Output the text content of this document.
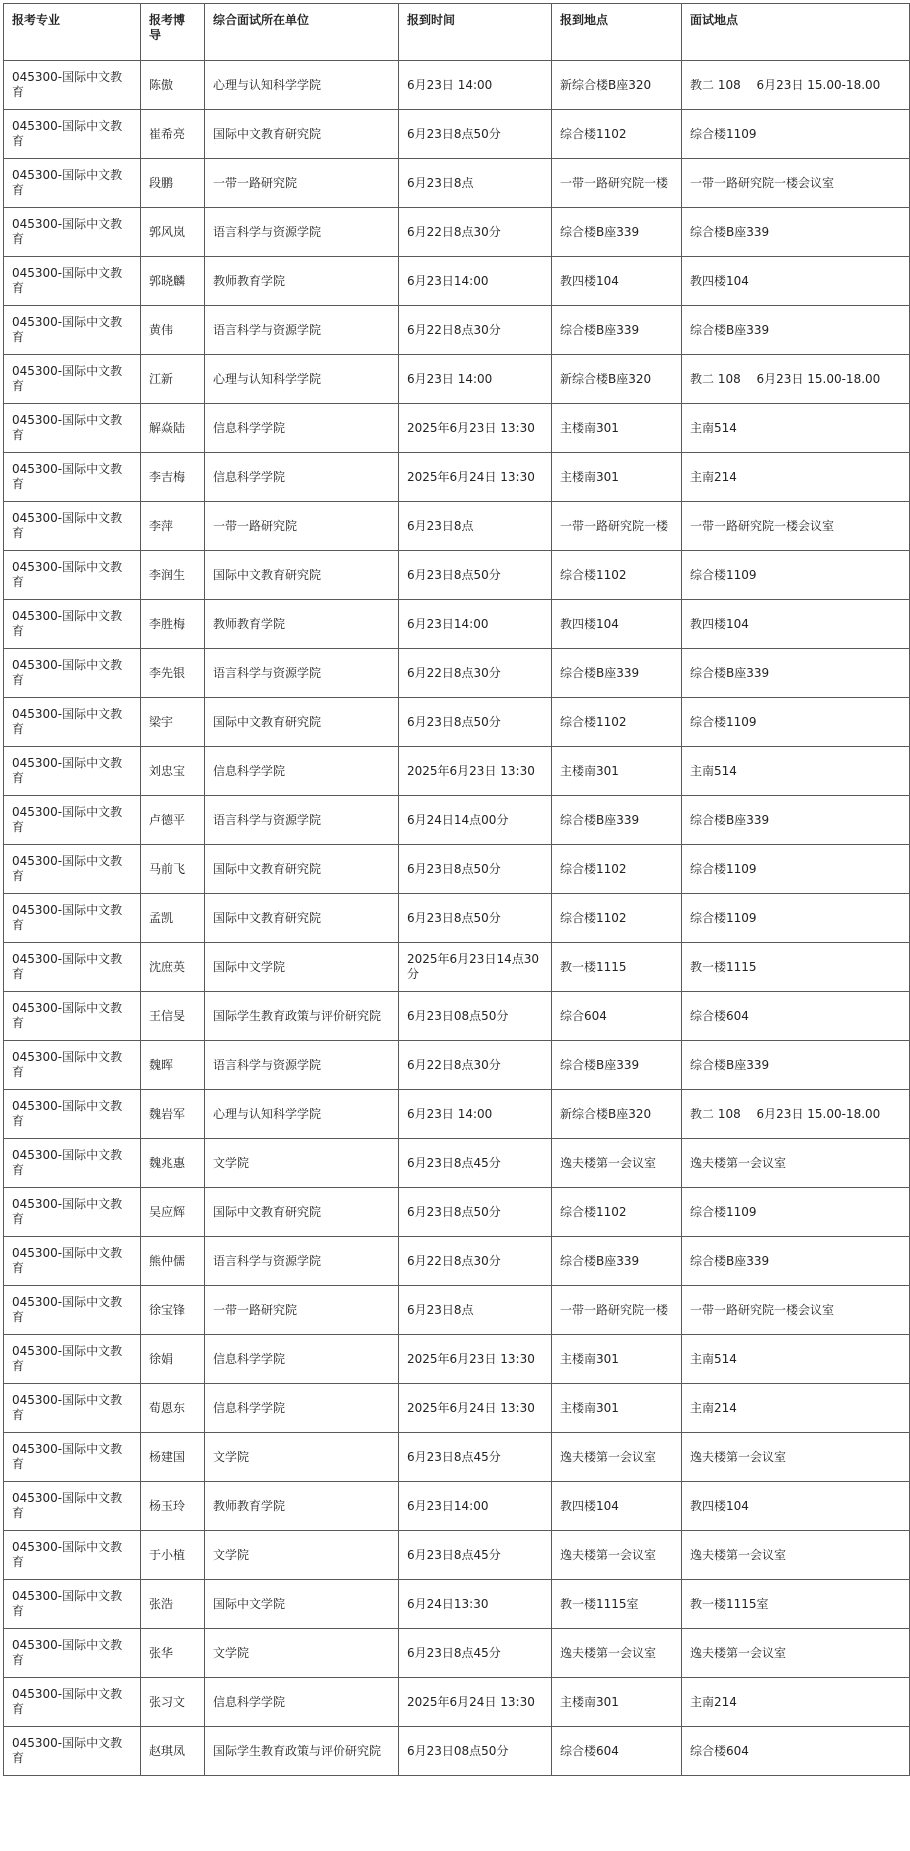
报考专业	报考博导	综合面试所在单位	报到时间	报到地点	面试地点
045300-国际中文教育	陈傲	心理与认知科学学院	6月23日 14:00	新综合楼B座320	教二 108　 6月23日 15.00-18.00
045300-国际中文教育	崔希亮	国际中文教育研究院	6月23日8点50分	综合楼1102	综合楼1109
045300-国际中文教育	段鹏	一带一路研究院	6月23日8点	一带一路研究院一楼	一带一路研究院一楼会议室
045300-国际中文教育	郭风岚	语言科学与资源学院	6月22日8点30分	综合楼B座339	综合楼B座339
045300-国际中文教育	郭晓麟	教师教育学院	6月23日14:00	教四楼104	教四楼104
045300-国际中文教育	黄伟	语言科学与资源学院	6月22日8点30分	综合楼B座339	综合楼B座339
045300-国际中文教育	江新	心理与认知科学学院	6月23日 14:00	新综合楼B座320	教二 108　 6月23日 15.00-18.00
045300-国际中文教育	解焱陆	信息科学学院	2025年6月23日 13:30	主楼南301	主南514
045300-国际中文教育	李吉梅	信息科学学院	2025年6月24日 13:30	主楼南301	主南214
045300-国际中文教育	李萍	一带一路研究院	6月23日8点	一带一路研究院一楼	一带一路研究院一楼会议室
045300-国际中文教育	李润生	国际中文教育研究院	6月23日8点50分	综合楼1102	综合楼1109
045300-国际中文教育	李胜梅	教师教育学院	6月23日14:00	教四楼104	教四楼104
045300-国际中文教育	李先银	语言科学与资源学院	6月22日8点30分	综合楼B座339	综合楼B座339
045300-国际中文教育	梁宇	国际中文教育研究院	6月23日8点50分	综合楼1102	综合楼1109
045300-国际中文教育	刘忠宝	信息科学学院	2025年6月23日 13:30	主楼南301	主南514
045300-国际中文教育	卢德平	语言科学与资源学院	6月24日14点00分	综合楼B座339	综合楼B座339
045300-国际中文教育	马前飞	国际中文教育研究院	6月23日8点50分	综合楼1102	综合楼1109
045300-国际中文教育	孟凯	国际中文教育研究院	6月23日8点50分	综合楼1102	综合楼1109
045300-国际中文教育	沈庶英	国际中文学院	2025年6月23日14点30分	教一楼1115	教一楼1115
045300-国际中文教育	王信旻	国际学生教育政策与评价研究院	6月23日08点50分	综合604	综合楼604
045300-国际中文教育	魏晖	语言科学与资源学院	6月22日8点30分	综合楼B座339	综合楼B座339
045300-国际中文教育	魏岩军	心理与认知科学学院	6月23日 14:00	新综合楼B座320	教二 108　 6月23日 15.00-18.00
045300-国际中文教育	魏兆惠	文学院	6月23日8点45分	逸夫楼第一会议室	逸夫楼第一会议室
045300-国际中文教育	吴应辉	国际中文教育研究院	6月23日8点50分	综合楼1102	综合楼1109
045300-国际中文教育	熊仲儒	语言科学与资源学院	6月22日8点30分	综合楼B座339	综合楼B座339
045300-国际中文教育	徐宝锋	一带一路研究院	6月23日8点	一带一路研究院一楼	一带一路研究院一楼会议室
045300-国际中文教育	徐娟	信息科学学院	2025年6月23日 13:30	主楼南301	主南514
045300-国际中文教育	荀恩东	信息科学学院	2025年6月24日 13:30	主楼南301	主南214
045300-国际中文教育	杨建国	文学院	6月23日8点45分	逸夫楼第一会议室	逸夫楼第一会议室
045300-国际中文教育	杨玉玲	教师教育学院	6月23日14:00	教四楼104	教四楼104
045300-国际中文教育	于小植	文学院	6月23日8点45分	逸夫楼第一会议室	逸夫楼第一会议室
045300-国际中文教育	张浩	国际中文学院	6月24日13:30	教一楼1115室	教一楼1115室
045300-国际中文教育	张华	文学院	6月23日8点45分	逸夫楼第一会议室	逸夫楼第一会议室
045300-国际中文教育	张习文	信息科学学院	2025年6月24日 13:30	主楼南301	主南214
045300-国际中文教育	赵琪凤	国际学生教育政策与评价研究院	6月23日08点50分	综合楼604	综合楼604
